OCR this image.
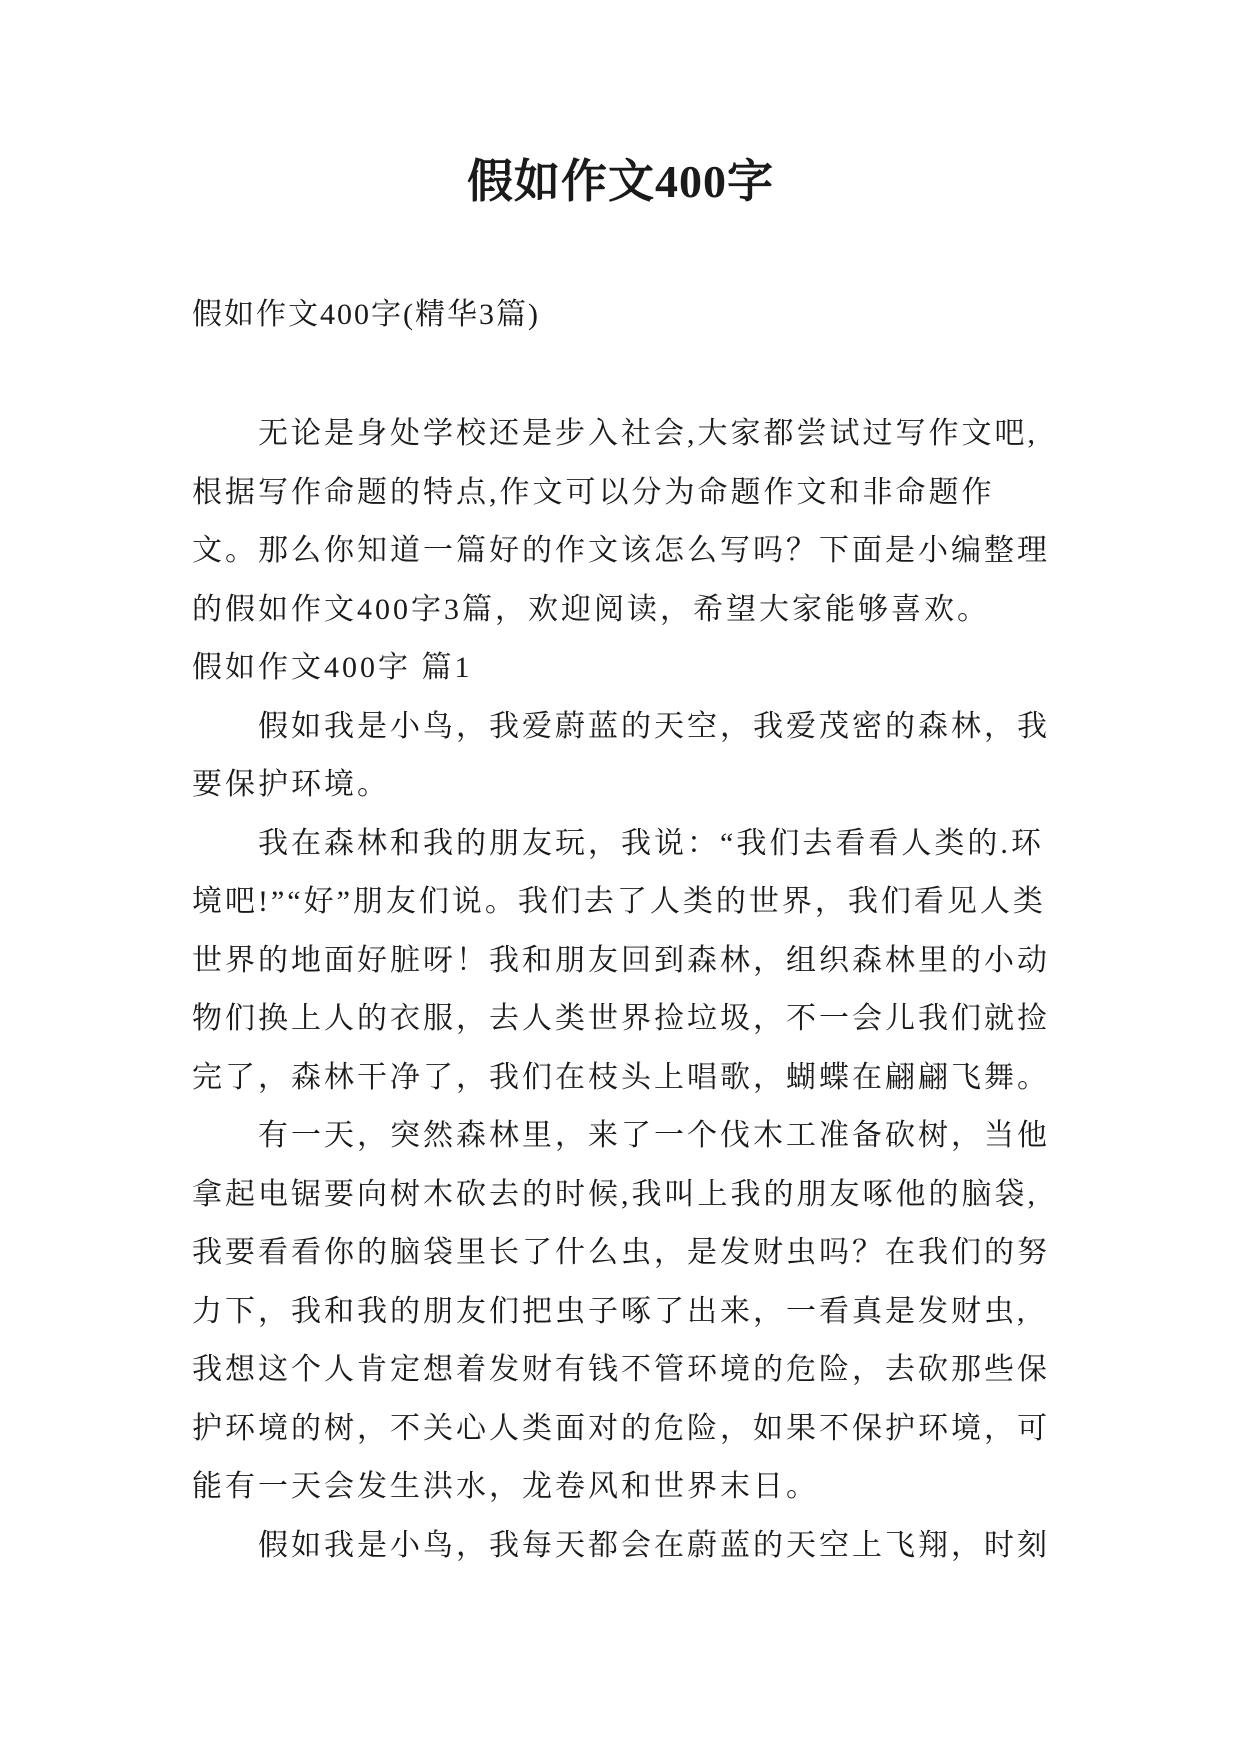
假如作文400字

假如作文400字(精华3篇)

无论是身处学校还是步入社会,大家都尝试过写作文吧,根据写作命题的特点,作文可以分为命题作文和非命题作文。那么你知道一篇好的作文该怎么写吗？下面是小编整理的假如作文400字3篇，欢迎阅读，希望大家能够喜欢。

假如作文400字 篇1

假如我是小鸟，我爱蔚蓝的天空，我爱茂密的森林，我要保护环境。

我在森林和我的朋友玩，我说：“我们去看看人类的.环境吧!”“好”朋友们说。我们去了人类的世界，我们看见人类世界的地面好脏呀！我和朋友回到森林，组织森林里的小动物们换上人的衣服，去人类世界捡垃圾，不一会儿我们就捡完了，森林干净了，我们在枝头上唱歌，蝴蝶在翩翩飞舞。

有一天，突然森林里，来了一个伐木工准备砍树，当他拿起电锯要向树木砍去的时候,我叫上我的朋友啄他的脑袋,我要看看你的脑袋里长了什么虫，是发财虫吗？在我们的努力下，我和我的朋友们把虫子啄了出来，一看真是发财虫,我想这个人肯定想着发财有钱不管环境的危险，去砍那些保护环境的树，不关心人类面对的危险，如果不保护环境，可能有一天会发生洪水，龙卷风和世界末日。

假如我是小鸟，我每天都会在蔚蓝的天空上飞翔，时刻
